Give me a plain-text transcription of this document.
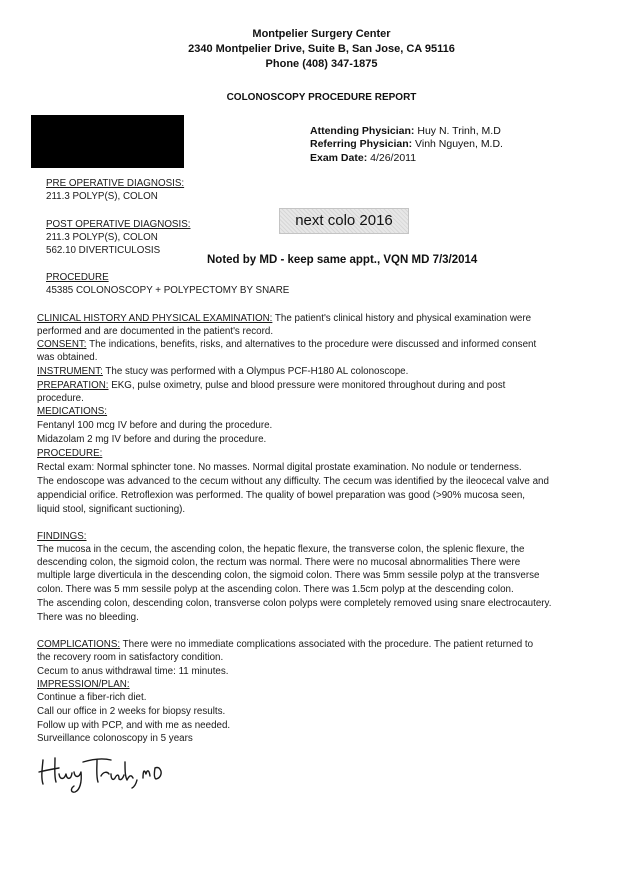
Montpelier Surgery Center
2340 Montpelier Drive, Suite B, San Jose, CA 95116
Phone (408) 347-1875
COLONOSCOPY PROCEDURE REPORT
Attending Physician: Huy N. Trinh, M.D
Referring Physician: Vinh Nguyen, M.D.
Exam Date: 4/26/2011
PRE OPERATIVE DIAGNOSIS:
211.3 POLYP(S), COLON
POST OPERATIVE DIAGNOSIS:
211.3 POLYP(S), COLON
562.10 DIVERTICULOSIS
next colo 2016
Noted by MD - keep same appt., VQN MD 7/3/2014
PROCEDURE
45385 COLONOSCOPY + POLYPECTOMY BY SNARE
CLINICAL HISTORY AND PHYSICAL EXAMINATION: The patient's clinical history and physical examination were
performed and are documented in the patient's record.
CONSENT: The indications, benefits, risks, and alternatives to the procedure were discussed and informed consent
was obtained.
INSTRUMENT: The stucy was performed with a Olympus PCF-H180 AL colonoscope.
PREPARATION: EKG, pulse oximetry, pulse and blood pressure were monitored throughout during and post
procedure.
MEDICATIONS:
Fentanyl 100 mcg IV before and during the procedure.
Midazolam 2 mg IV before and during the procedure.
PROCEDURE:
Rectal exam: Normal sphincter tone. No masses. Normal digital prostate examination. No nodule or tenderness.
The endoscope was advanced to the cecum without any difficulty. The cecum was identified by the ileocecal valve and
appendicial orifice. Retroflexion was performed. The quality of bowel preparation was good (>90% mucosa seen,
liquid stool, significant suctioning).
FINDINGS:
The mucosa in the cecum, the ascending colon, the hepatic flexure, the transverse colon, the splenic flexure, the
descending colon, the sigmoid colon, the rectum was normal. There were no mucosal abnormalities There were
multiple large diverticula in the descending colon, the sigmoid colon. There was 5mm sessile polyp at the transverse
colon. There was 5 mm sessile polyp at the ascending colon. There was 1.5cm polyp at the descending colon.
The ascending colon, descending colon, transverse colon polyps were completely removed using snare electrocautery.
There was no bleeding.
COMPLICATIONS: There were no immediate complications associated with the procedure. The patient returned to
the recovery room in satisfactory condition.
Cecum to anus withdrawal time: 11 minutes.
IMPRESSION/PLAN:
Continue a fiber-rich diet.
Call our office in 2 weeks for biopsy results.
Follow up with PCP, and with me as needed.
Surveillance colonoscopy in 5 years
